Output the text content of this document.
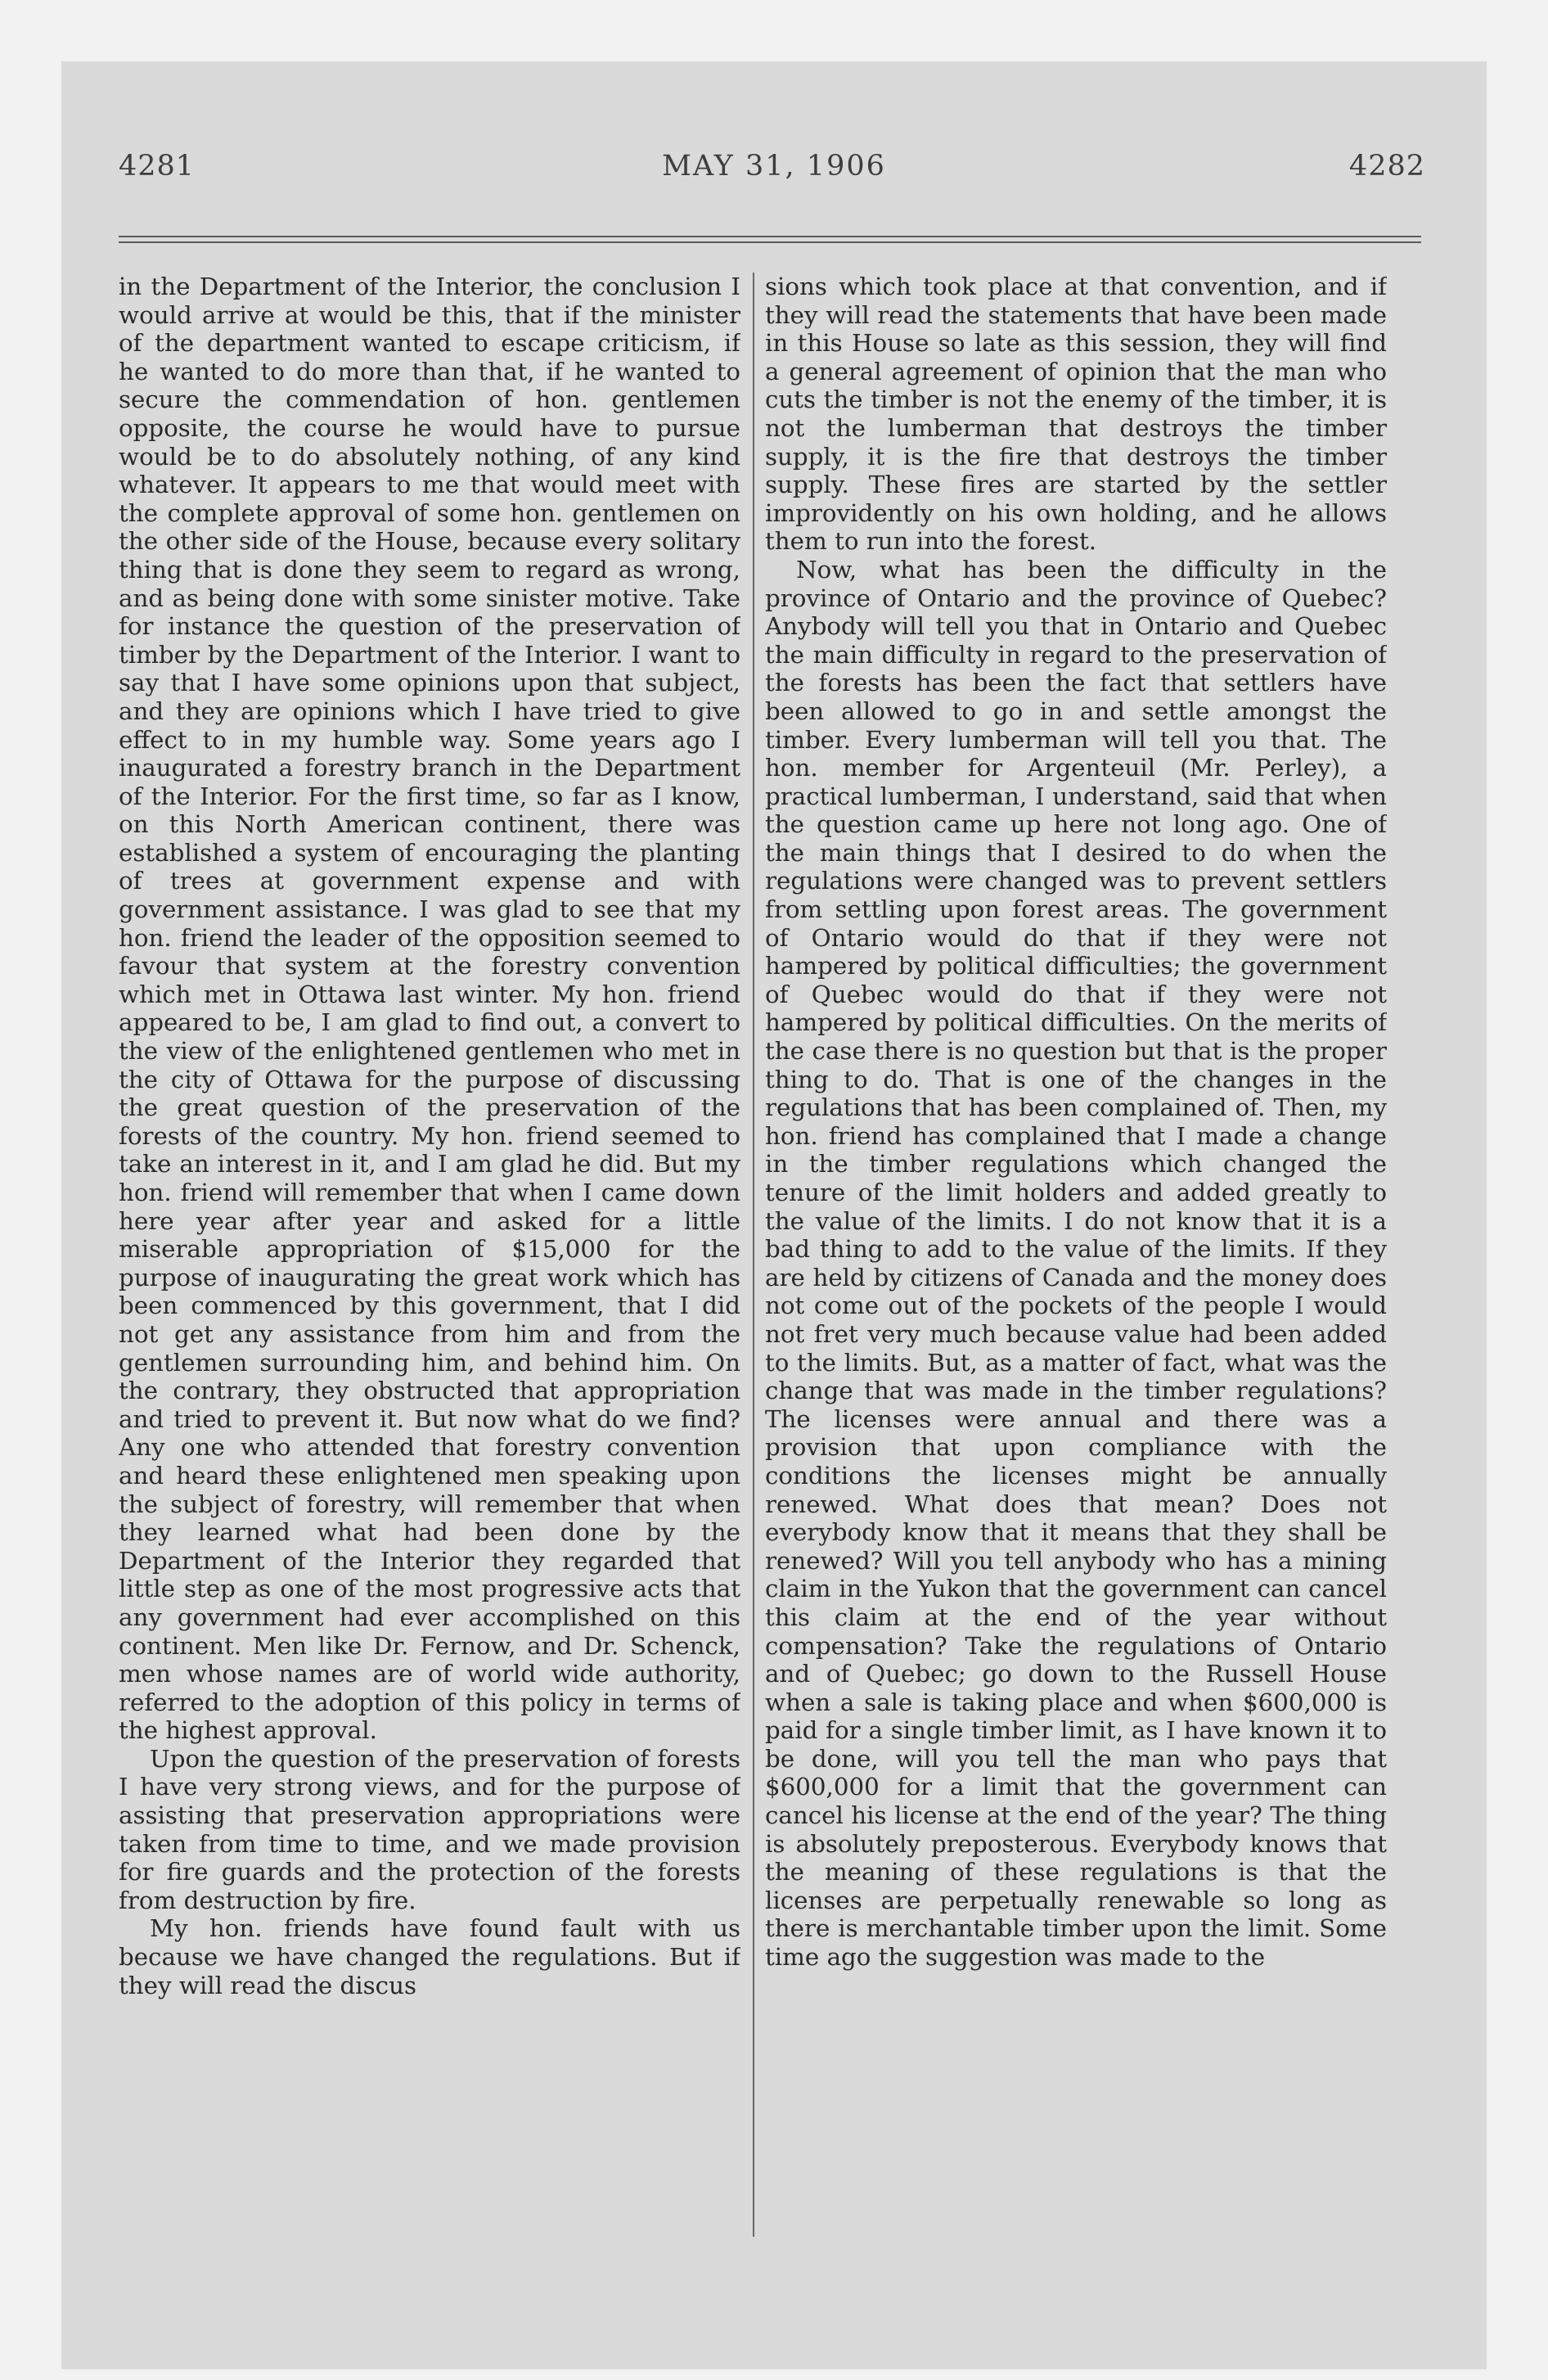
4281	MAY 31, 1906	4282

in the Department of the Interior, the conclusion I would arrive at would be this, that if the minister of the department wanted to escape criticism, if he wanted to do more than that, if he wanted to secure the commendation of hon. gentlemen opposite, the course he would have to pursue would be to do absolutely nothing, of any kind whatever. It appears to me that would meet with the complete approval of some hon. gentlemen on the other side of the House, because every solitary thing that is done they seem to regard as wrong, and as being done with some sinister motive. Take for instance the question of the preservation of timber by the Department of the Interior. I want to say that I have some opinions upon that subject, and they are opinions which I have tried to give effect to in my humble way. Some years ago I inaugurated a forestry branch in the Department of the Interior. For the first time, so far as I know, on this North American continent, there was established a system of encouraging the planting of trees at government expense and with government assistance. I was glad to see that my hon. friend the leader of the opposition seemed to favour that system at the forestry convention which met in Ottawa last winter. My hon. friend appeared to be, I am glad to find out, a convert to the view of the enlightened gentlemen who met in the city of Ottawa for the purpose of discussing the great question of the preservation of the forests of the country. My hon. friend seemed to take an interest in it, and I am glad he did. But my hon. friend will remember that when I came down here year after year and asked for a little miserable appropriation of $15,000 for the purpose of inaugurating the great work which has been commenced by this government, that I did not get any assistance from him and from the gentlemen surrounding him, and behind him. On the contrary, they obstructed that appropriation and tried to prevent it. But now what do we find? Any one who attended that forestry convention and heard these enlightened men speaking upon the subject of forestry, will remember that when they learned what had been done by the Department of the Interior they regarded that little step as one of the most progressive acts that any government had ever accomplished on this continent. Men like Dr. Fernow, and Dr. Schenck, men whose names are of world wide authority, referred to the adoption of this policy in terms of the highest approval.

Upon the question of the preservation of forests I have very strong views, and for the purpose of assisting that preservation appropriations were taken from time to time, and we made provision for fire guards and the protection of the forests from destruction by fire.

My hon. friends have found fault with us because we have changed the regulations. But if they will read the discus

sions which took place at that convention, and if they will read the statements that have been made in this House so late as this session, they will find a general agreement of opinion that the man who cuts the timber is not the enemy of the timber, it is not the lumberman that destroys the timber supply, it is the fire that destroys the timber supply. These fires are started by the settler improvidently on his own holding, and he allows them to run into the forest.

Now, what has been the difficulty in the province of Ontario and the province of Quebec? Anybody will tell you that in Ontario and Quebec the main difficulty in regard to the preservation of the forests has been the fact that settlers have been allowed to go in and settle amongst the timber. Every lumberman will tell you that. The hon. member for Argenteuil (Mr. Perley), a practical lumberman, I understand, said that when the question came up here not long ago. One of the main things that I desired to do when the regulations were changed was to prevent settlers from settling upon forest areas. The government of Ontario would do that if they were not hampered by political difficulties; the government of Quebec would do that if they were not hampered by political difficulties. On the merits of the case there is no question but that is the proper thing to do. That is one of the changes in the regulations that has been complained of. Then, my hon. friend has complained that I made a change in the timber regulations which changed the tenure of the limit holders and added greatly to the value of the limits. I do not know that it is a bad thing to add to the value of the limits. If they are held by citizens of Canada and the money does not come out of the pockets of the people I would not fret very much because value had been added to the limits. But, as a matter of fact, what was the change that was made in the timber regulations? The licenses were annual and there was a provision that upon compliance with the conditions the licenses might be annually renewed. What does that mean? Does not everybody know that it means that they shall be renewed? Will you tell anybody who has a mining claim in the Yukon that the government can cancel this claim at the end of the year without compensation? Take the regulations of Ontario and of Quebec; go down to the Russell House when a sale is taking place and when $600,000 is paid for a single timber limit, as I have known it to be done, will you tell the man who pays that $600,000 for a limit that the government can cancel his license at the end of the year? The thing is absolutely preposterous. Everybody knows that the meaning of these regulations is that the licenses are perpetually renewable so long as there is merchantable timber upon the limit. Some time ago the suggestion was made to the
